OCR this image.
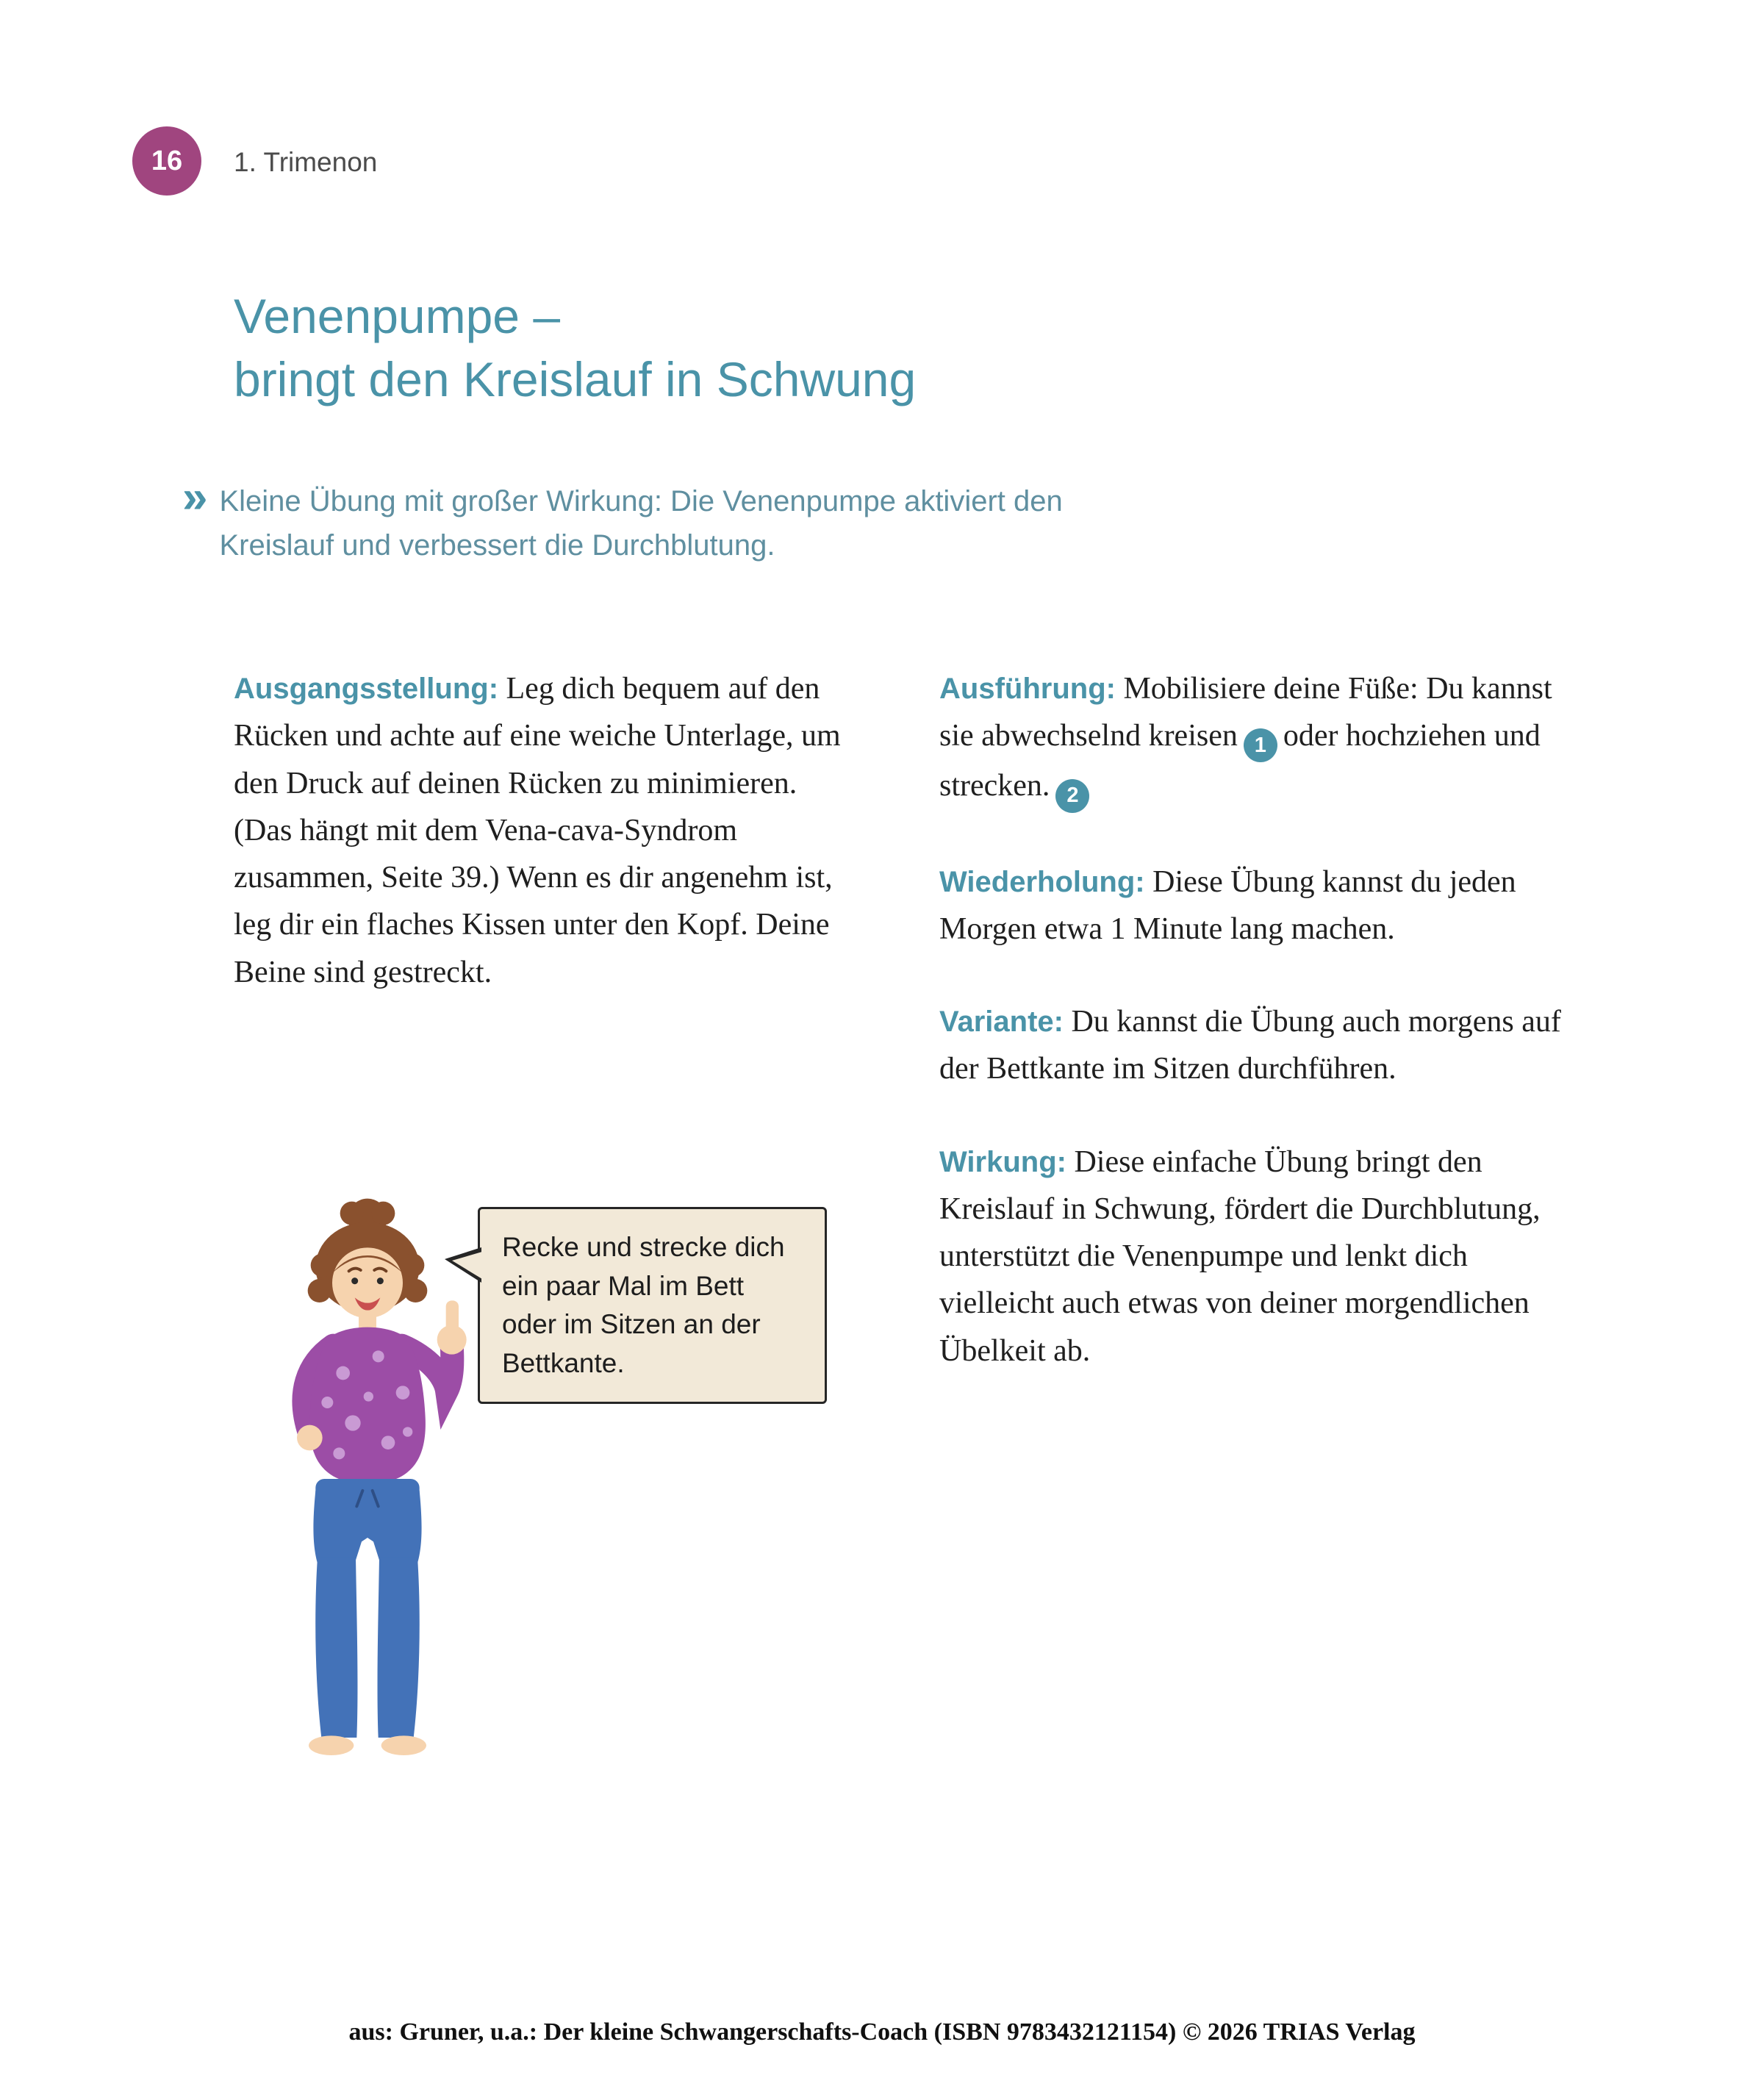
16 1. Trimenon
Venenpumpe –
bringt den Kreislauf in Schwung
» Kleine Übung mit großer Wirkung: Die Venenpumpe aktiviert den Kreislauf und verbessert die Durchblutung.

Ausgangsstellung: Leg dich bequem auf den Rücken und achte auf eine weiche Unterlage, um den Druck auf deinen Rücken zu minimieren. (Das hängt mit dem Vena-cava-Syndrom zusammen, Seite 39.) Wenn es dir angenehm ist, leg dir ein flaches Kissen unter den Kopf. Deine Beine sind gestreckt.

Ausführung: Mobilisiere deine Füße: Du kannst sie abwechselnd kreisen 1 oder hochziehen und strecken. 2

Wiederholung: Diese Übung kannst du jeden Morgen etwa 1 Minute lang machen.

Variante: Du kannst die Übung auch morgens auf der Bettkante im Sitzen durchführen.

Wirkung: Diese einfache Übung bringt den Kreislauf in Schwung, fördert die Durchblutung, unterstützt die Venenpumpe und lenkt dich vielleicht auch etwas von deiner morgendlichen Übelkeit ab.

Recke und strecke dich ein paar Mal im Bett oder im Sitzen an der Bettkante.
aus: Gruner, u.a.: Der kleine Schwangerschafts-Coach (ISBN 9783432121154) © 2026 TRIAS Verlag
